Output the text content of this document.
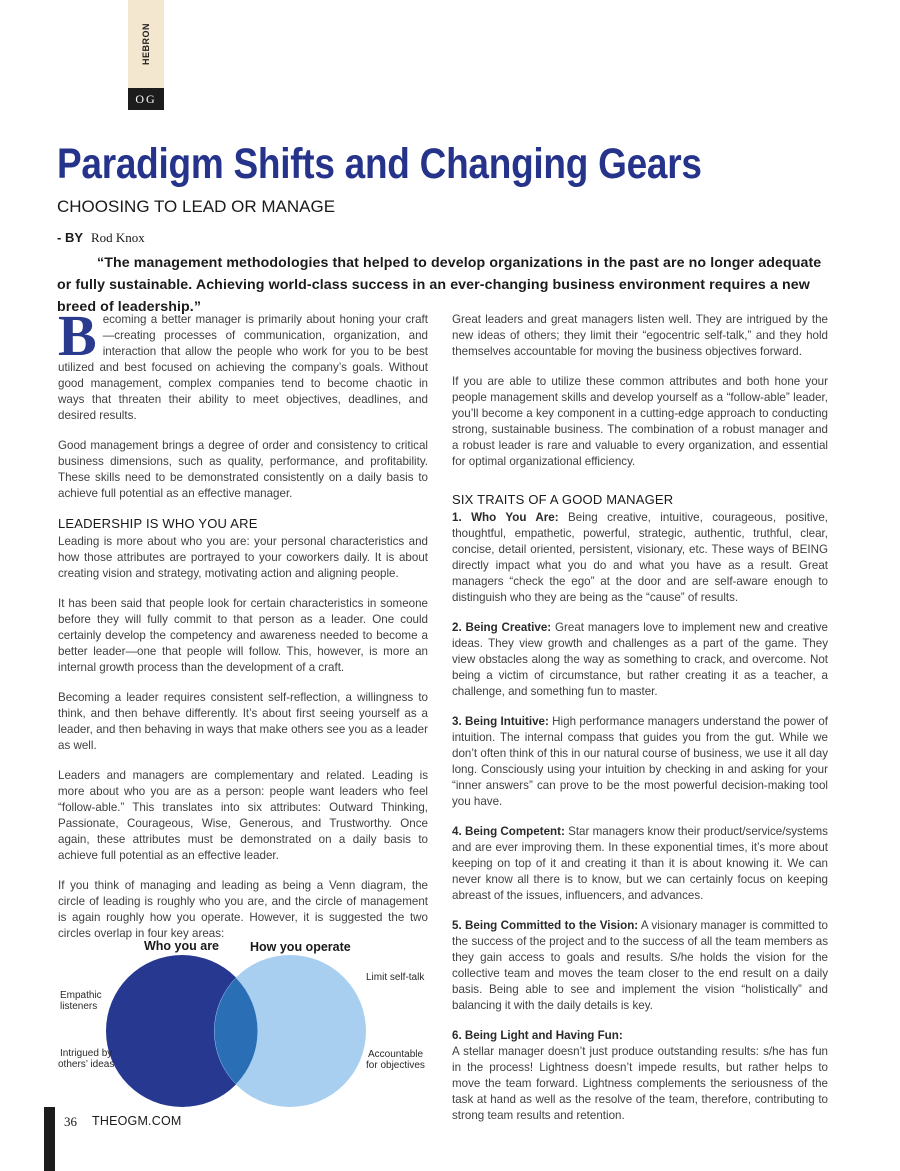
HEBRON
OG
Paradigm Shifts and Changing Gears
CHOOSING TO LEAD OR MANAGE
- BY Rod Knox
“The management methodologies that helped to develop organizations in the past are no longer adequate or fully sustainable. Achieving world-class success in an ever-changing business environment requires a new breed of leadership.”

Becoming a better manager is primarily about honing your craft—creating processes of communication, organization, and interaction that allow the people who work for you to be best utilized and best focused on achieving the company’s goals. Without good management, complex companies tend to become chaotic in ways that threaten their ability to meet objectives, deadlines, and desired results.

Good management brings a degree of order and consistency to critical business dimensions, such as quality, performance, and profitability. These skills need to be demonstrated consistently on a daily basis to achieve full potential as an effective manager.

LEADERSHIP IS WHO YOU ARE

Leading is more about who you are: your personal characteristics and how those attributes are portrayed to your coworkers daily. It is about creating vision and strategy, motivating action and aligning people.

It has been said that people look for certain characteristics in someone before they will fully commit to that person as a leader. One could certainly develop the competency and awareness needed to become a better leader—one that people will follow. This, however, is more an internal growth process than the development of a craft.

Becoming a leader requires consistent self-reflection, a willingness to think, and then behave differently. It’s about first seeing yourself as a leader, and then behaving in ways that make others see you as a leader as well.

Leaders and managers are complementary and related. Leading is more about who you are as a person: people want leaders who feel “follow-able.” This translates into six attributes: Outward Thinking, Passionate, Courageous, Wise, Generous, and Trustworthy. Once again, these attributes must be demonstrated on a daily basis to achieve full potential as an effective leader.

If you think of managing and leading as being a Venn diagram, the circle of leading is roughly who you are, and the circle of management is again roughly how you operate. However, it is suggested the two circles overlap in four key areas:

Who you are How you operate
Limit self-talk
Empathic
listeners
Intrigued by
others’ ideas
Accountable
for objectives

Great leaders and great managers listen well. They are intrigued by the new ideas of others; they limit their “egocentric self-talk,” and they hold themselves accountable for moving the business objectives forward.

If you are able to utilize these common attributes and both hone your people management skills and develop yourself as a “follow-able” leader, you’ll become a key component in a cutting-edge approach to conducting strong, sustainable business. The combination of a robust manager and a robust leader is rare and valuable to every organization, and essential for optimal organizational efficiency.

SIX TRAITS OF A GOOD MANAGER

1. Who You Are: Being creative, intuitive, courageous, positive, thoughtful, empathetic, powerful, strategic, authentic, truthful, clear, concise, detail oriented, persistent, visionary, etc. These ways of BEING directly impact what you do and what you have as a result. Great managers “check the ego” at the door and are self-aware enough to distinguish who they are being as the “cause” of results.

2. Being Creative: Great managers love to implement new and creative ideas. They view growth and challenges as a part of the game. They view obstacles along the way as something to crack, and overcome. Not being a victim of circumstance, but rather creating it as a teacher, a challenge, and something fun to master.

3. Being Intuitive: High performance managers understand the power of intuition. The internal compass that guides you from the gut. While we don’t often think of this in our natural course of business, we use it all day long. Consciously using your intuition by checking in and asking for your “inner answers” can prove to be the most powerful decision-making tool you have.

4. Being Competent: Star managers know their product/service/systems and are ever improving them. In these exponential times, it’s more about keeping on top of it and creating it than it is about knowing it. We can never know all there is to know, but we can certainly focus on keeping abreast of the issues, influencers, and advances.

5. Being Committed to the Vision: A visionary manager is committed to the success of the project and to the success of all the team members as they gain access to goals and results. S/he holds the vision for the collective team and moves the team closer to the end result on a daily basis. Being able to see and implement the vision “holistically” and balancing it with the daily details is key.

6. Being Light and Having Fun:
A stellar manager doesn’t just produce outstanding results: s/he has fun in the process! Lightness doesn’t impede results, but rather helps to move the team forward. Lightness complements the seriousness of the task at hand as well as the resolve of the team, therefore, contributing to strong team results and retention.

36 THEOGM.COM
